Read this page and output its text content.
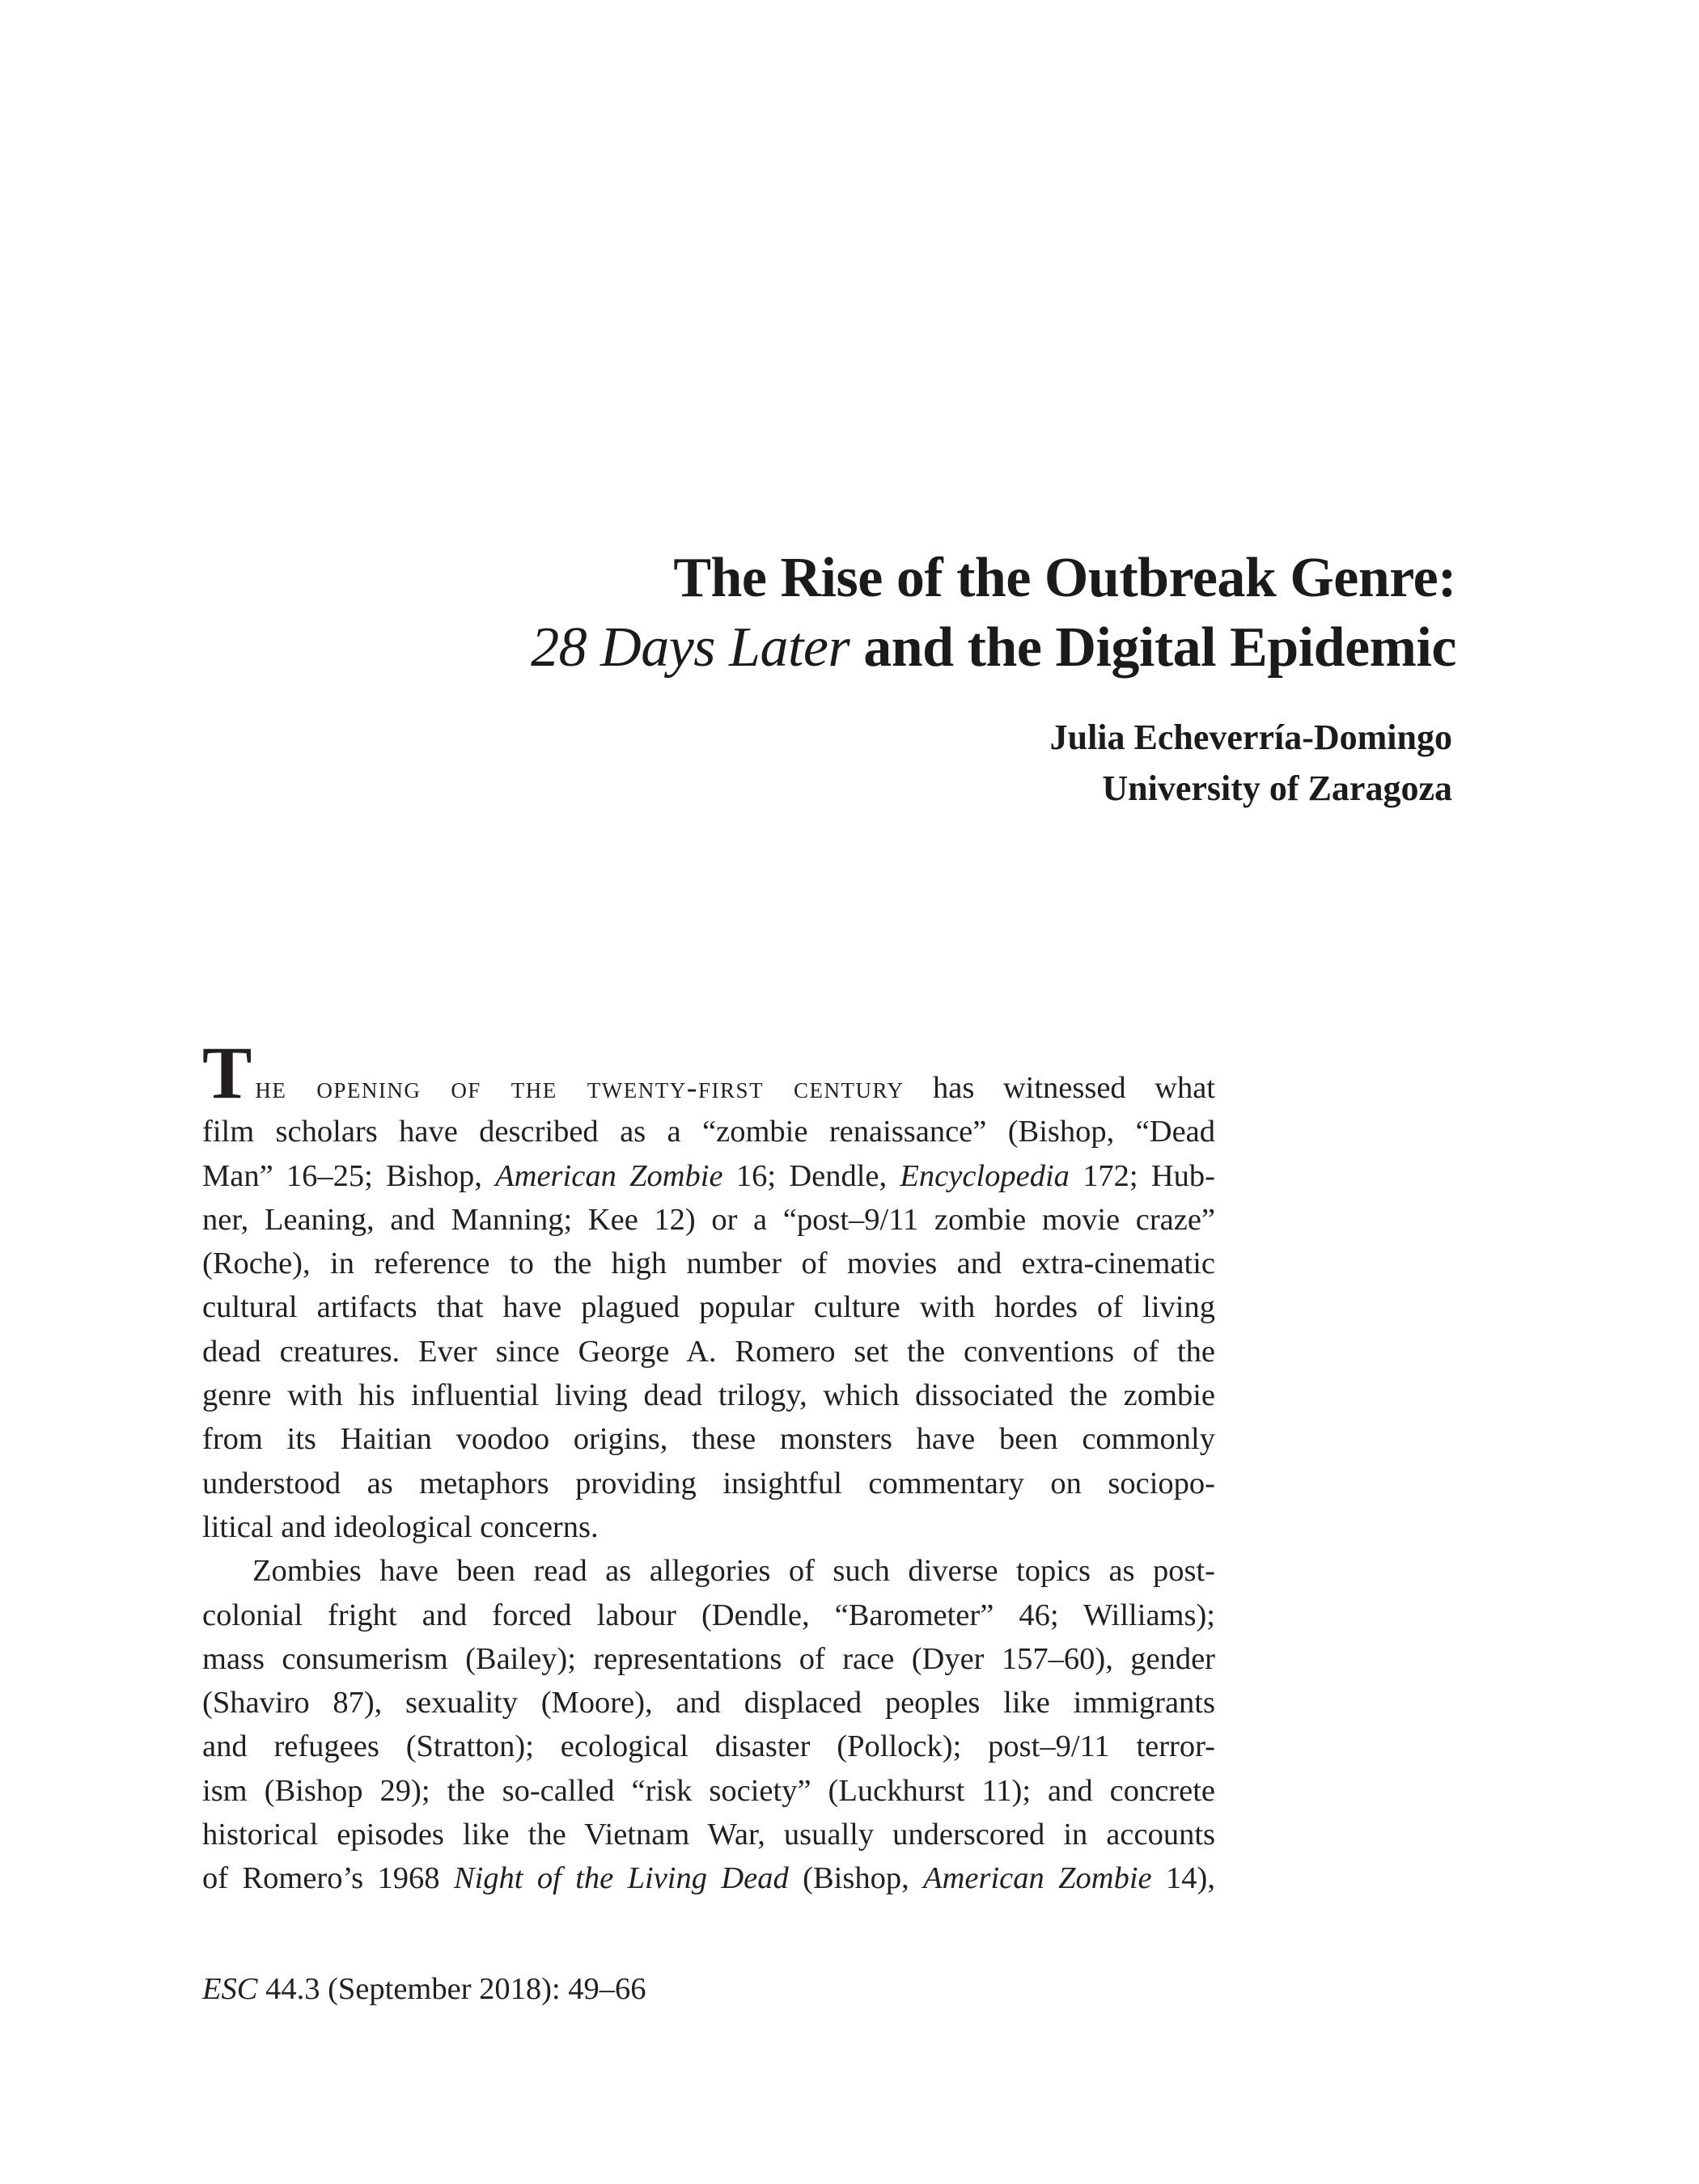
The Rise of the Outbreak Genre:
28 Days Later and the Digital Epidemic
Julia Echeverría-Domingo
University of Zaragoza
The opening of the twenty-first century has witnessed what
film scholars have described as a “zombie renaissance” (Bishop, “Dead
Man” 16–25; Bishop, American Zombie 16; Dendle, Encyclopedia 172; Hub-
ner, Leaning, and Manning; Kee 12) or a “post–9/11 zombie movie craze”
(Roche), in reference to the high number of movies and extra-cinematic
cultural artifacts that have plagued popular culture with hordes of living
dead creatures. Ever since George A. Romero set the conventions of the
genre with his influential living dead trilogy, which dissociated the zombie
from its Haitian voodoo origins, these monsters have been commonly
understood as metaphors providing insightful commentary on sociopo-
litical and ideological concerns.
Zombies have been read as allegories of such diverse topics as post-
colonial fright and forced labour (Dendle, “Barometer” 46; Williams);
mass consumerism (Bailey); representations of race (Dyer 157–60), gender
(Shaviro 87), sexuality (Moore), and displaced peoples like immigrants
and refugees (Stratton); ecological disaster (Pollock); post–9/11 terror-
ism (Bishop 29); the so-called “risk society” (Luckhurst 11); and concrete
historical episodes like the Vietnam War, usually underscored in accounts
of Romero’s 1968 Night of the Living Dead (Bishop, American Zombie 14),
ESC 44.3 (September 2018): 49–66
